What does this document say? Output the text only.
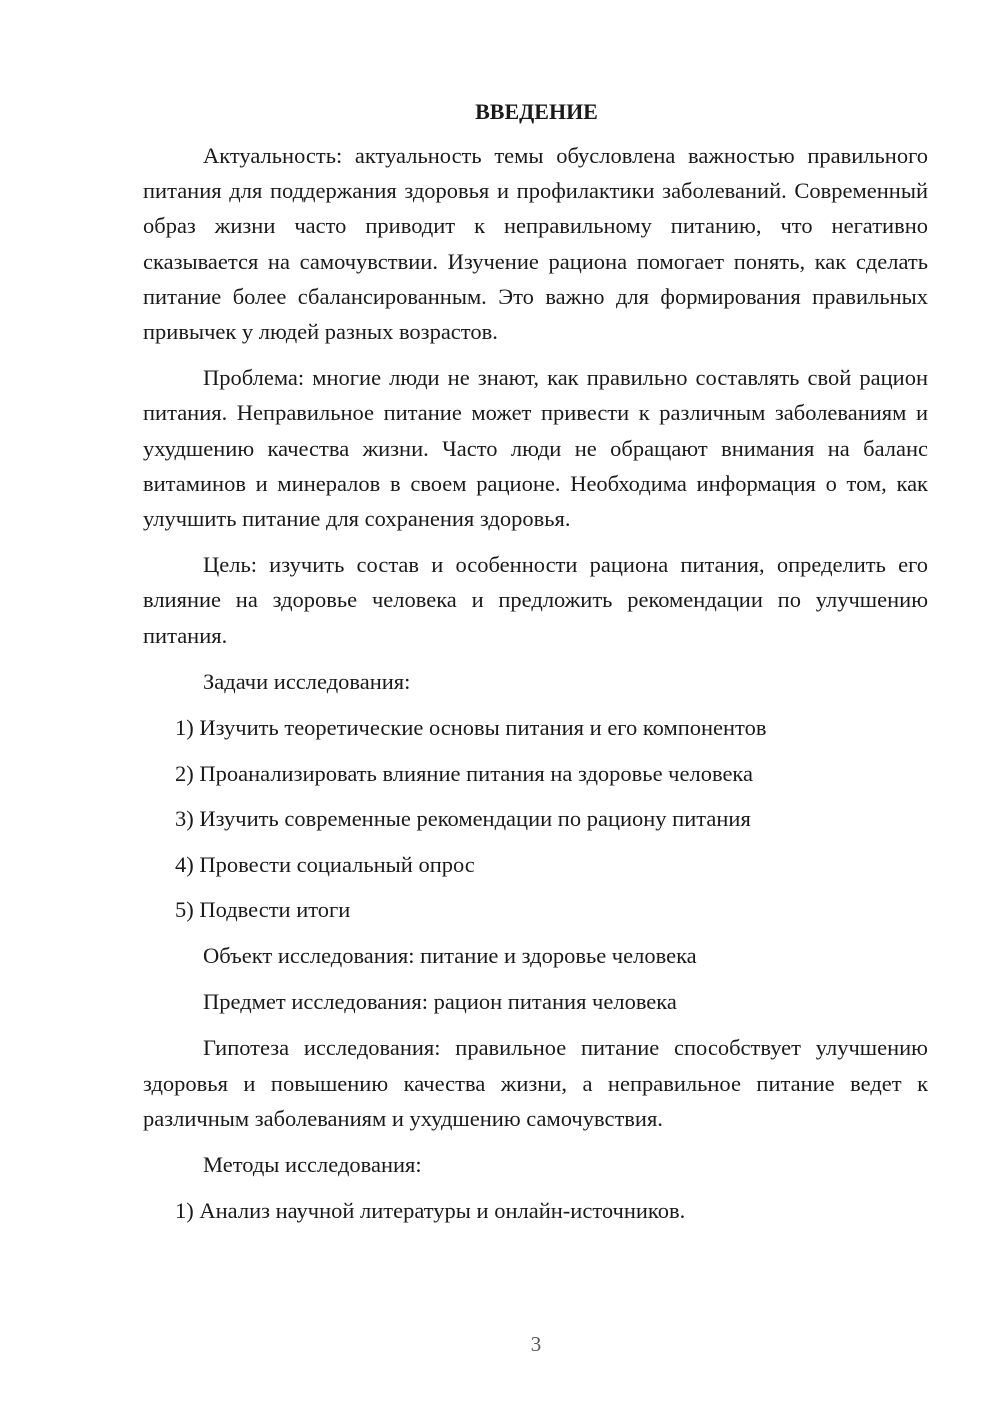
ВВЕДЕНИЕ

Актуальность: актуальность темы обусловлена важностью правильного питания для поддержания здоровья и профилактики заболеваний. Современный образ жизни часто приводит к неправильному питанию, что негативно сказывается на самочувствии. Изучение рациона помогает понять, как сделать питание более сбалансированным. Это важно для формирования правильных привычек у людей разных возрастов.

Проблема: многие люди не знают, как правильно составлять свой рацион питания. Неправильное питание может привести к различным заболеваниям и ухудшению качества жизни. Часто люди не обращают внимания на баланс витаминов и минералов в своем рационе. Необходима информация о том, как улучшить питание для сохранения здоровья.

Цель: изучить состав и особенности рациона питания, определить его влияние на здоровье человека и предложить рекомендации по улучшению питания.

Задачи исследования:

1) Изучить теоретические основы питания и его компонентов

2) Проанализировать влияние питания на здоровье человека

3) Изучить современные рекомендации по рациону питания

4) Провести социальный опрос

5) Подвести итоги

Объект исследования: питание и здоровье человека

Предмет исследования: рацион питания человека

Гипотеза исследования: правильное питание способствует улучшению здоровья и повышению качества жизни, а неправильное питание ведет к различным заболеваниям и ухудшению самочувствия.

Методы исследования:

1) Анализ научной литературы и онлайн-источников.

3
